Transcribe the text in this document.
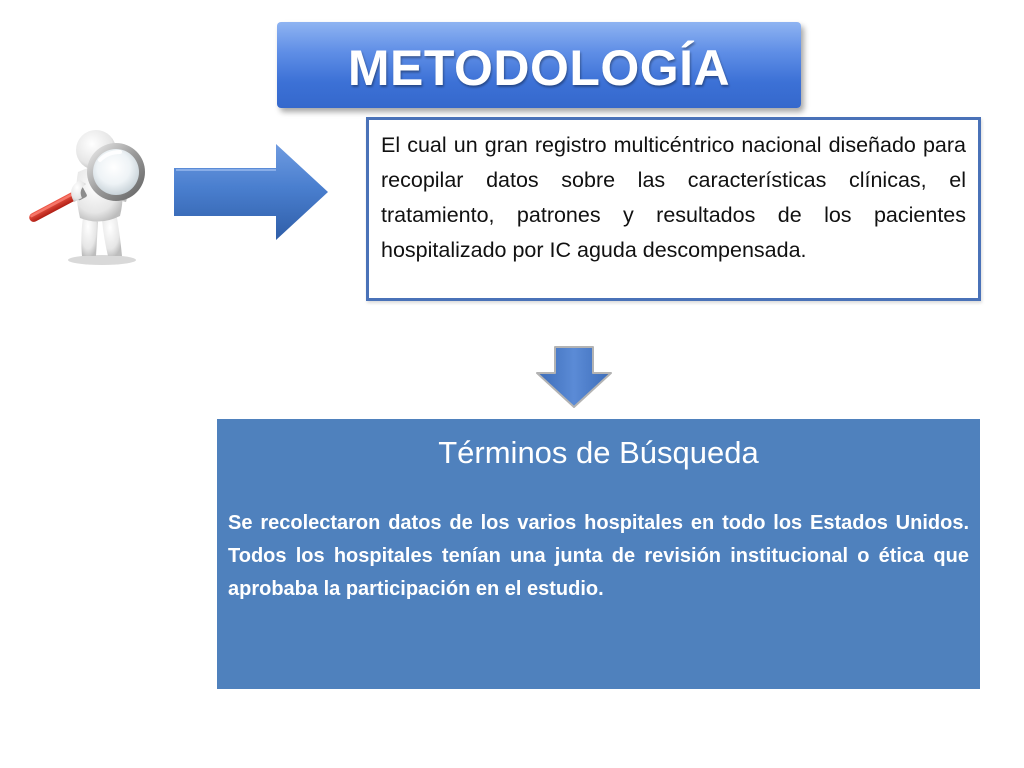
METODOLOGÍA

El cual un gran registro multicéntrico nacional diseñado para recopilar datos sobre las características clínicas, el tratamiento, patrones y resultados de los pacientes hospitalizado por IC aguda descompensada.

Términos de Búsqueda

Se recolectaron datos de los varios hospitales en todo los Estados Unidos. Todos los hospitales tenían una junta de revisión institucional o ética que aprobaba la participación en el estudio.
